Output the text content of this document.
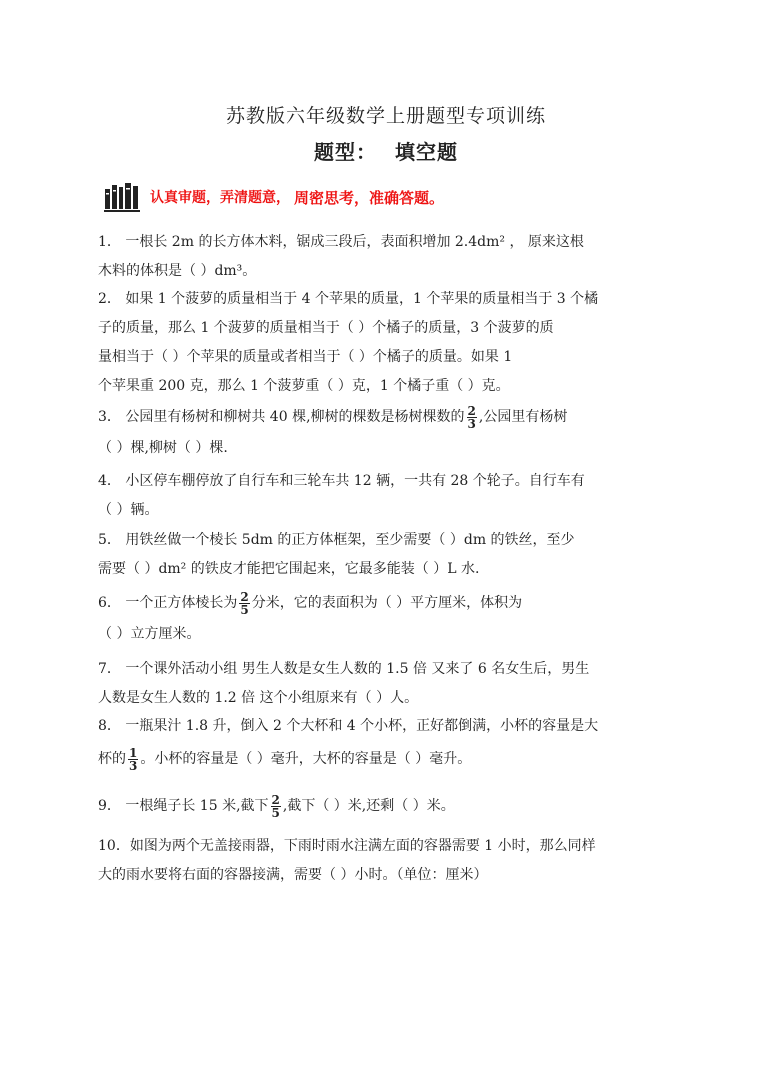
苏教版六年级数学上册题型专项训练
题型： 填空题
认真审题，弄清题意， 周密思考，准确答题。
1． 一根长 2m 的长方体木料，锯成三段后，表面积增加 2.4dm² ， 原来这根
木料的体积是（ ）dm³。
2． 如果 1 个菠萝的质量相当于 4 个苹果的质量，1 个苹果的质量相当于 3 个橘
子的质量，那么 1 个菠萝的质量相当于（ ）个橘子的质量，3 个菠萝的质
量相当于（ ）个苹果的质量或者相当于（ ）个橘子的质量。如果 1
个苹果重 200 克，那么 1 个菠萝重（ ）克，1 个橘子重（ ）克。
3． 公园里有杨树和柳树共 40 棵,柳树的棵数是杨树棵数的 $\frac{2}{3}$ ,公园里有杨树
（ ）棵,柳树（ ）棵.
4． 小区停车棚停放了自行车和三轮车共 12 辆，一共有 28 个轮子。自行车有
（ ）辆。
5． 用铁丝做一个棱长 5dm 的正方体框架，至少需要（ ）dm 的铁丝，至少
需要（ ）dm² 的铁皮才能把它围起来，它最多能装（ ）L 水.
6． 一个正方体棱长为 $\frac{2}{5}$ 分米，它的表面积为（ ）平方厘米，体积为
（ ）立方厘米。
7． 一个课外活动小组 男生人数是女生人数的 1.5 倍 又来了 6 名女生后，男生
人数是女生人数的 1.2 倍 这个小组原来有（ ）人。
8． 一瓶果汁 1.8 升，倒入 2 个大杯和 4 个小杯，正好都倒满，小杯的容量是大
杯的 $\frac{1}{3}$ 。小杯的容量是（ ）毫升，大杯的容量是（ ）毫升。
9． 一根绳子长 15 米,截下 $\frac{2}{5}$ ,截下（ ）米,还剩（ ）米。
10．如图为两个无盖接雨器，下雨时雨水注满左面的容器需要 1 小时，那么同样
大的雨水要将右面的容器接满，需要（ ）小时。（单位：厘米）
